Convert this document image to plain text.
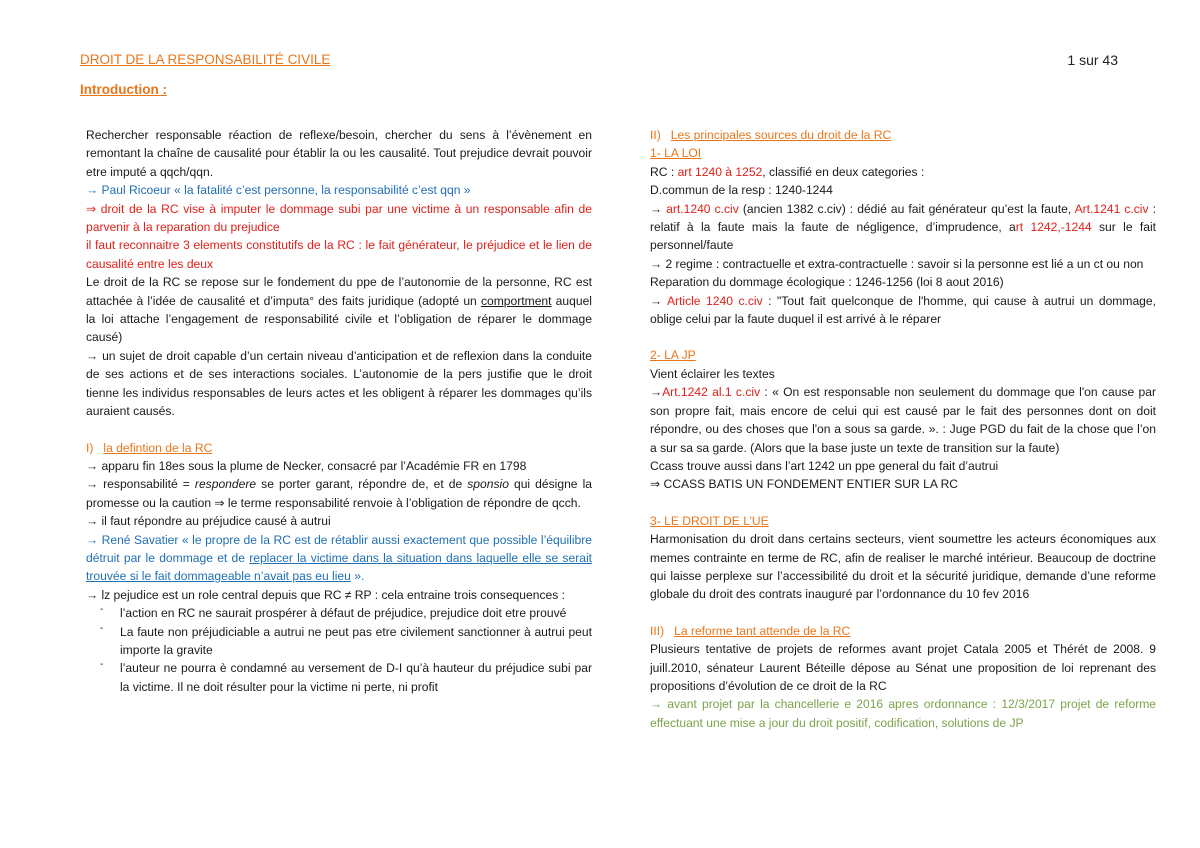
DROIT DE LA RESPONSABILITÉ CIVILE	1 sur 43
Introduction :

Rechercher responsable réaction de reflexe/besoin, chercher du sens à l’évènement en remontant la chaîne de causalité pour établir la ou les causalité. Tout prejudice devrait pouvoir etre imputé a qqch/qqn.

→ Paul Ricoeur « la fatalité c’est personne, la responsabilité c’est qqn »

⇒ droit de la RC vise à imputer le dommage subi par une victime à un responsable afin de parvenir à la reparation du prejudice

il faut reconnaitre 3 elements constitutifs de la RC : le fait générateur, le préjudice et le lien de causalité entre les deux

Le droit de la RC se repose sur le fondement du ppe de l’autonomie de la personne, RC est attachée à l’idée de causalité et d’imputa° des faits juridique (adopté un comportment auquel la loi attache l’engagement de responsabilité civile et l’obligation de réparer le dommage causé)

→ un sujet de droit capable d’un certain niveau d’anticipation et de reflexion dans la conduite de ses actions et de ses interactions sociales. L’autonomie de la pers justifie que le droit tienne les individus responsables de leurs actes et les obligent à réparer les dommages qu’ils auraient causés.

I) la defintion de la RC

→ apparu fin 18es sous la plume de Necker, consacré par l’Académie FR en 1798

→ responsabilité = respondere se porter garant, répondre de, et de sponsio qui désigne la promesse ou la caution ⇒ le terme responsabilité renvoie à l’obligation de répondre de qcch.

→ il faut répondre au préjudice causé à autrui

→ René Savatier « le propre de la RC est de rétablir aussi exactement que possible l’équilibre détruit par le dommage et de replacer la victime dans la situation dans laquelle elle se serait trouvée si le fait dommageable n’avait pas eu lieu ».

→ lz pejudice est un role central depuis que RC ≠ RP : cela entraine trois consequences :

- l’action en RC ne saurait prospérer à défaut de préjudice, prejudice doit etre prouvé
- La faute non préjudiciable a autrui ne peut pas etre civilement sanctionner à autrui peut importe la gravite
- l’auteur ne pourra è condamné au versement de D-I qu’à hauteur du préjudice subi par la victime. Il ne doit résulter pour la victime ni perte, ni profit

II) Les principales sources du droit de la RC

1- LA LOI

RC : art 1240 à 1252, classifié en deux categories :

D.commun de la resp : 1240-1244

→ art.1240 c.civ (ancien 1382 c.civ) : dédié au fait générateur qu’est la faute, Art.1241 c.civ : relatif à la faute mais la faute de négligence, d’imprudence, art 1242,-1244 sur le fait personnel/faute

→ 2 regime : contractuelle et extra-contractuelle : savoir si la personne est lié a un ct ou non

Reparation du dommage écologique : 1246-1256 (loi 8 aout 2016)

→ Article 1240 c.civ : "Tout fait quelconque de l'homme, qui cause à autrui un dommage, oblige celui par la faute duquel il est arrivé à le réparer

2- LA JP

Vient éclairer les textes

→Art.1242 al.1 c.civ : « On est responsable non seulement du dommage que l'on cause par son propre fait, mais encore de celui qui est causé par le fait des personnes dont on doit répondre, ou des choses que l'on a sous sa garde. ». : Juge PGD du fait de la chose que l’on a sur sa sa garde. (Alors que la base juste un texte de transition sur la faute)

Ccass trouve aussi dans l’art 1242 un ppe general du fait d’autrui

⇒ CCASS BATIS UN FONDEMENT ENTIER SUR LA RC

3- LE DROIT DE L’UE

Harmonisation du droit dans certains secteurs, vient soumettre les acteurs économiques aux memes contrainte en terme de RC, afin de realiser le marché intérieur. Beaucoup de doctrine qui laisse perplexe sur l’accessibilité du droit et la sécurité juridique, demande d’une reforme globale du droit des contrats inauguré par l’ordonnance du 10 fev 2016

III) La reforme tant attende de la RC

Plusieurs tentative de projets de reformes avant projet Catala 2005 et Thérét de 2008. 9 juill.2010, sénateur Laurent Béteille dépose au Sénat une proposition de loi reprenant des propositions d’évolution de ce droit de la RC

→ avant projet par la chancellerie e 2016 apres ordonnance : 12/3/2017 projet de reforme effectuant une mise a jour du droit positif, codification, solutions de JP
